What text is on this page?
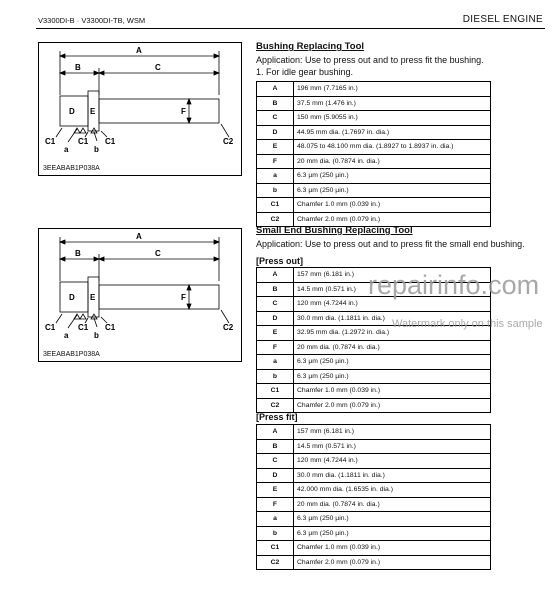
V3300DI-B · V3300DI-TB, WSM	DIESEL ENGINE
A
B	C
D E	F
C1
a
C1
b
C1	C2
3EEABAB1P038A
A
B	C
D E	F
C1
a
C1
b
C1	C2
3EEABAB1P038A
Bushing Replacing Tool
Application: Use to press out and to press fit the bushing.
1. For idle gear bushing.
A	196 mm (7.7165 in.)
B	37.5 mm (1.476 in.)
C	150 mm (5.9055 in.)
D	44.95 mm dia. (1.7697 in. dia.)
E	48.075 to 48.100 mm dia. (1.8927 to 1.8937 in. dia.)
F	20 mm dia. (0.7874 in. dia.)
a	6.3 µm (250 µin.)
b	6.3 µm (250 µin.)
C1	Chamfer 1.0 mm (0.039 in.)
C2	Chamfer 2.0 mm (0.079 in.)
Small End Bushing Replacing Tool
Application: Use to press out and to press fit the small end bushing.
[Press out]
A	157 mm (6.181 in.)
B	14.5 mm (0.571 in.)
C	120 mm (4.7244 in.)
D	30.0 mm dia. (1.1811 in. dia.)
E	32.95 mm dia. (1.2972 in. dia.)
F	20 mm dia. (0.7874 in. dia.)
a	6.3 µm (250 µin.)
b	6.3 µm (250 µin.)
C1	Chamfer 1.0 mm (0.039 in.)
C2	Chamfer 2.0 mm (0.079 in.)
[Press fit]
A	157 mm (6.181 in.)
B	14.5 mm (0.571 in.)
C	120 mm (4.7244 in.)
D	30.0 mm dia. (1.1811 in. dia.)
E	42.000 mm dia. (1.6535 in. dia.)
F	20 mm dia. (0.7874 in. dia.)
a	6.3 µm (250 µin.)
b	6.3 µm (250 µin.)
C1	Chamfer 1.0 mm (0.039 in.)
C2	Chamfer 2.0 mm (0.079 in.)
repairinfo.com
Watermark only on this sample
